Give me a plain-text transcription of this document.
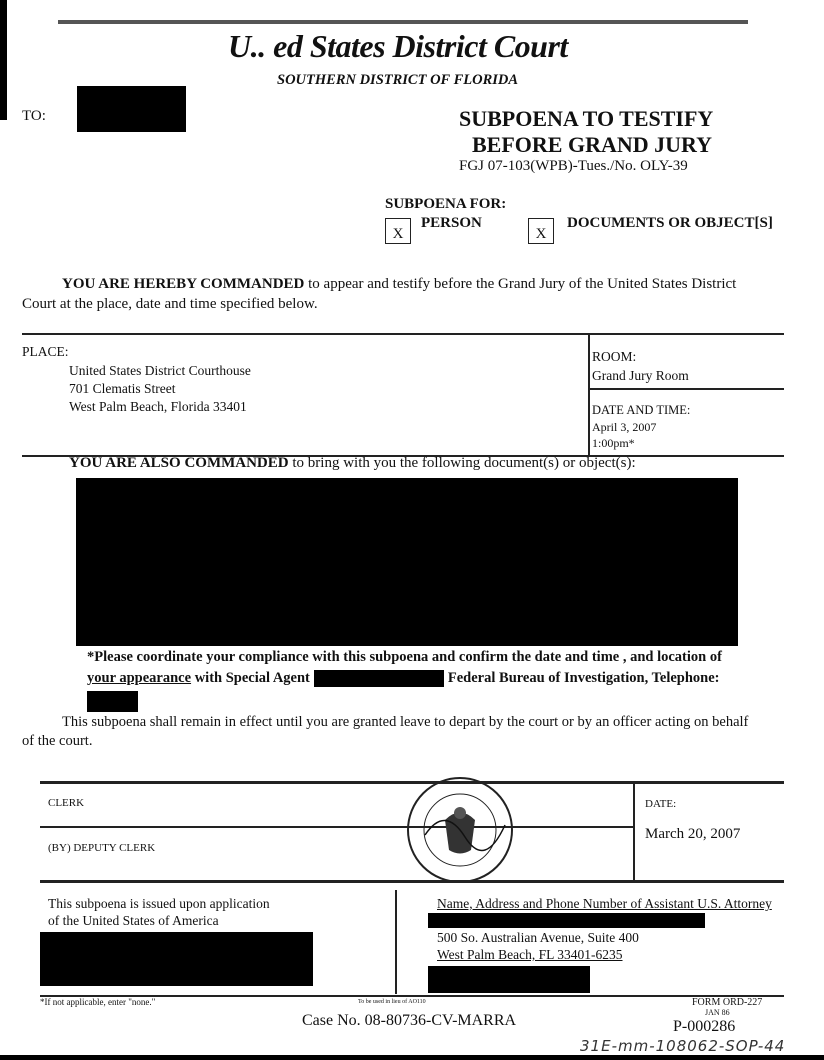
U.. ed States District Court
SOUTHERN DISTRICT OF FLORIDA
TO:	SUBPOENA TO TESTIFY
BEFORE GRAND JURY
FGJ 07-103(WPB)-Tues./No. OLY-39
SUBPOENA FOR:
X
PERSON
X
DOCUMENTS OR OBJECT[S]
YOU ARE HEREBY COMMANDED to appear and testify before the Grand Jury of the United States District
Court at the place, date and time specified below.
PLACE:
United States District Courthouse
701 Clematis Street
West Palm Beach, Florida 33401
ROOM:
Grand Jury Room
DATE AND TIME:
April 3, 2007
1:00pm*
YOU ARE ALSO COMMANDED to bring with you the following document(s) or object(s):
*Please coordinate your compliance with this subpoena and confirm the date and time , and location of
your appearance with Special Agent	Federal Bureau of Investigation, Telephone:
This subpoena shall remain in effect until you are granted leave to depart by the court or by an officer acting on behalf
of the court.
CLERK
(BY) DEPUTY CLERK
DATE:
March 20, 2007
This subpoena is issued upon application
of the United States of America
Name, Address and Phone Number of Assistant U.S. Attorney
500 So. Australian Avenue, Suite 400
West Palm Beach, FL 33401-6235
*If not applicable, enter "none."	To be used in lieu of AO110	FORM ORD-227
JAN 86
Case No. 08-80736-CV-MARRA	P-000286
31E-mm-108062-SOP-44
